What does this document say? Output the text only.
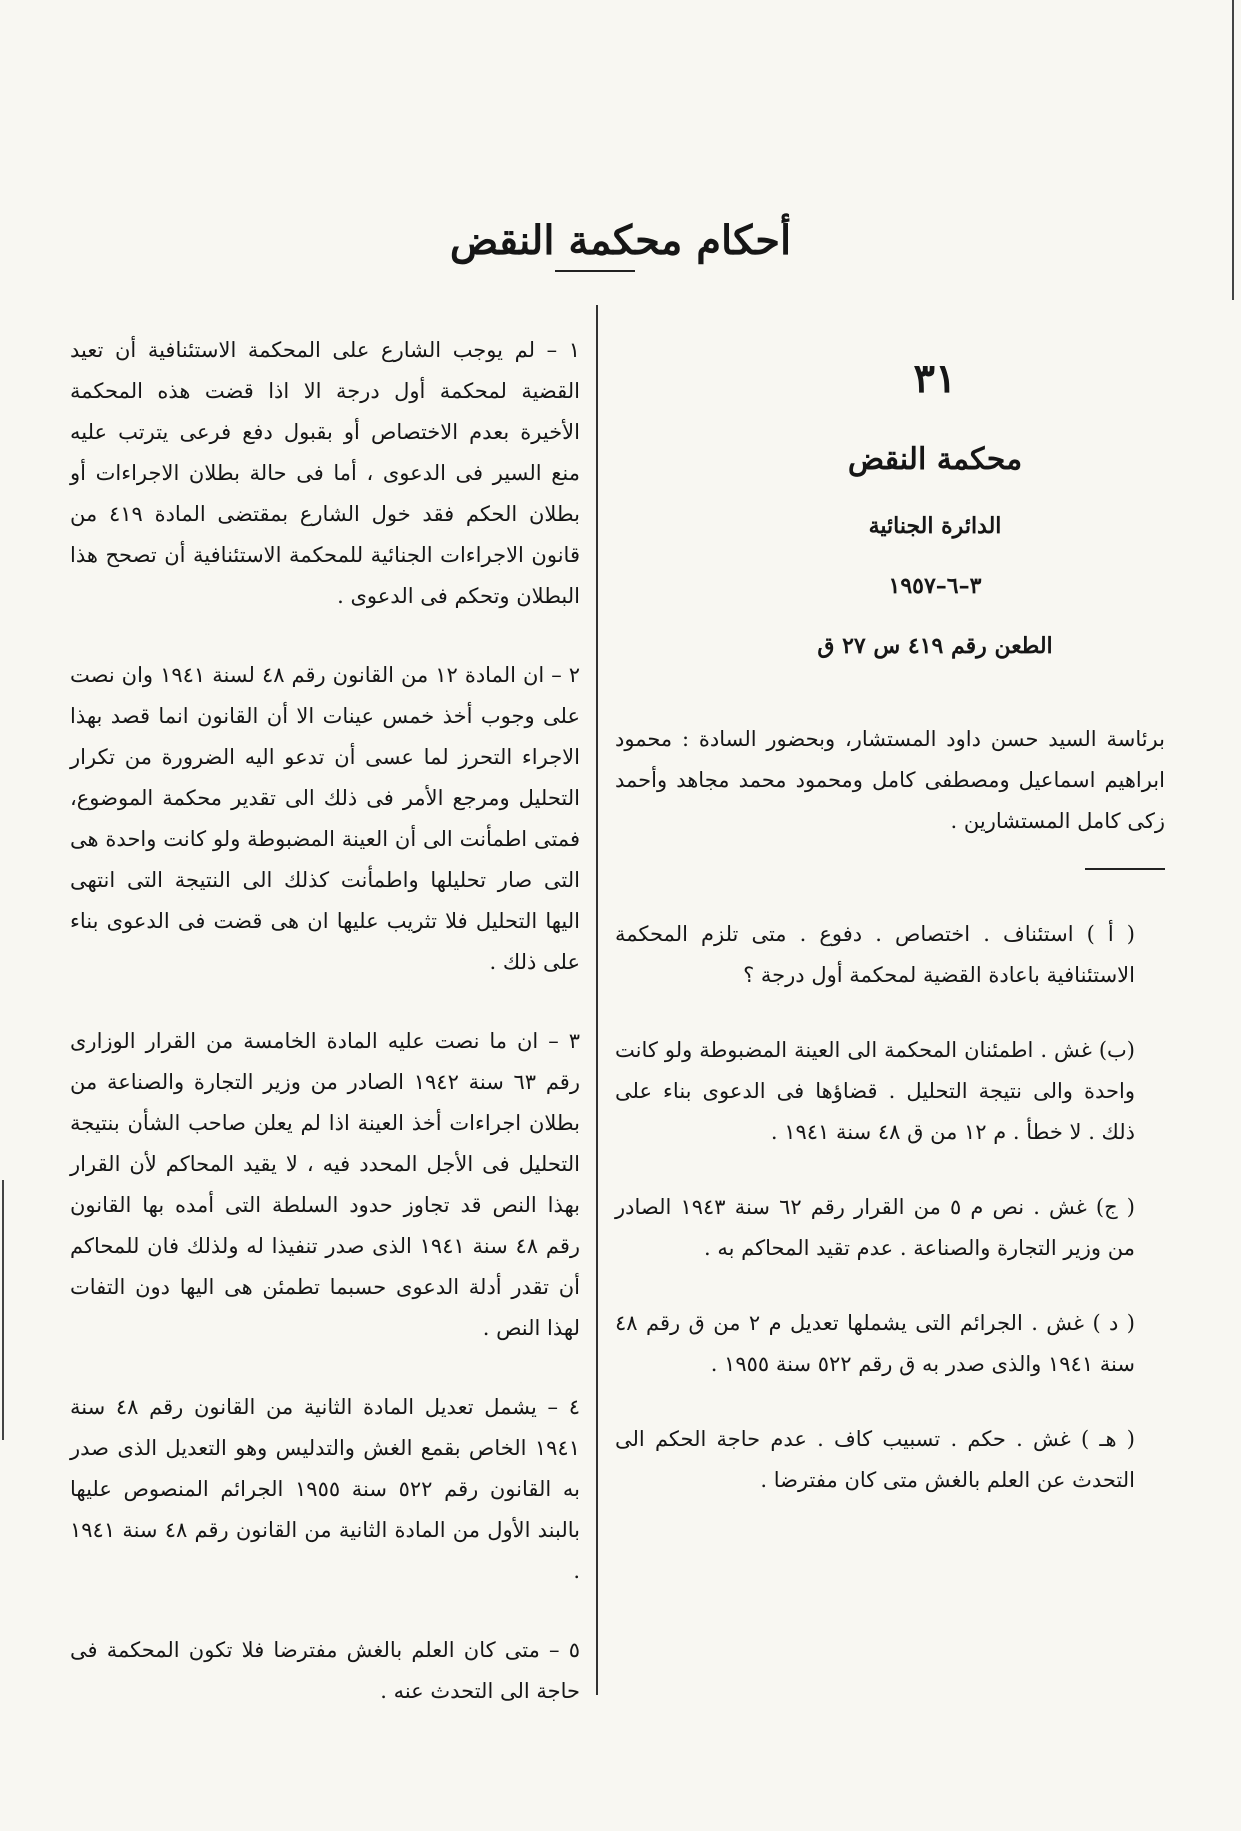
أحكام محكمة النقض
٣١
محكمة النقض
الدائرة الجنائية
٣–٦–١٩٥٧
الطعن رقم ٤١٩ س ٢٧ ق

برئاسة السيد حسن داود المستشار، وبحضور السادة : محمود ابراهيم اسماعيل ومصطفى كامل ومحمود محمد مجاهد وأحمد زكى كامل المستشارين .

( أ ) استئناف . اختصاص . دفوع . متى تلزم المحكمة الاستئنافية باعادة القضية لمحكمة أول درجة ؟

(ب) غش . اطمئنان المحكمة الى العينة المضبوطة ولو كانت واحدة والى نتيجة التحليل . قضاؤها فى الدعوى بناء على ذلك . لا خطأ . م ١٢ من ق ٤٨ سنة ١٩٤١ .

( ج) غش . نص م ٥ من القرار رقم ٦٢ سنة ١٩٤٣ الصادر من وزير التجارة والصناعة . عدم تقيد المحاكم به .

( د ) غش . الجرائم التى يشملها تعديل م ٢ من ق رقم ٤٨ سنة ١٩٤١ والذى صدر به ق رقم ٥٢٢ سنة ١٩٥٥ .

( هـ ) غش . حكم . تسبيب كاف . عدم حاجة الحكم الى التحدث عن العلم بالغش متى كان مفترضا .

١ – لم يوجب الشارع على المحكمة الاستئنافية أن تعيد القضية لمحكمة أول درجة الا اذا قضت هذه المحكمة الأخيرة بعدم الاختصاص أو بقبول دفع فرعى يترتب عليه منع السير فى الدعوى ، أما فى حالة بطلان الاجراءات أو بطلان الحكم فقد خول الشارع بمقتضى المادة ٤١٩ من قانون الاجراءات الجنائية للمحكمة الاستئنافية أن تصحح هذا البطلان وتحكم فى الدعوى .

٢ – ان المادة ١٢ من القانون رقم ٤٨ لسنة ١٩٤١ وان نصت على وجوب أخذ خمس عينات الا أن القانون انما قصد بهذا الاجراء التحرز لما عسى أن تدعو اليه الضرورة من تكرار التحليل ومرجع الأمر فى ذلك الى تقدير محكمة الموضوع، فمتى اطمأنت الى أن العينة المضبوطة ولو كانت واحدة هى التى صار تحليلها واطمأنت كذلك الى النتيجة التى انتهى اليها التحليل فلا تثريب عليها ان هى قضت فى الدعوى بناء على ذلك .

٣ – ان ما نصت عليه المادة الخامسة من القرار الوزارى رقم ٦٣ سنة ١٩٤٢ الصادر من وزير التجارة والصناعة من بطلان اجراءات أخذ العينة اذا لم يعلن صاحب الشأن بنتيجة التحليل فى الأجل المحدد فيه ، لا يقيد المحاكم لأن القرار بهذا النص قد تجاوز حدود السلطة التى أمده بها القانون رقم ٤٨ سنة ١٩٤١ الذى صدر تنفيذا له ولذلك فان للمحاكم أن تقدر أدلة الدعوى حسبما تطمئن هى اليها دون التفات لهذا النص .

٤ – يشمل تعديل المادة الثانية من القانون رقم ٤٨ سنة ١٩٤١ الخاص بقمع الغش والتدليس وهو التعديل الذى صدر به القانون رقم ٥٢٢ سنة ١٩٥٥ الجرائم المنصوص عليها بالبند الأول من المادة الثانية من القانون رقم ٤٨ سنة ١٩٤١ .

٥ – متى كان العلم بالغش مفترضا فلا تكون المحكمة فى حاجة الى التحدث عنه .
